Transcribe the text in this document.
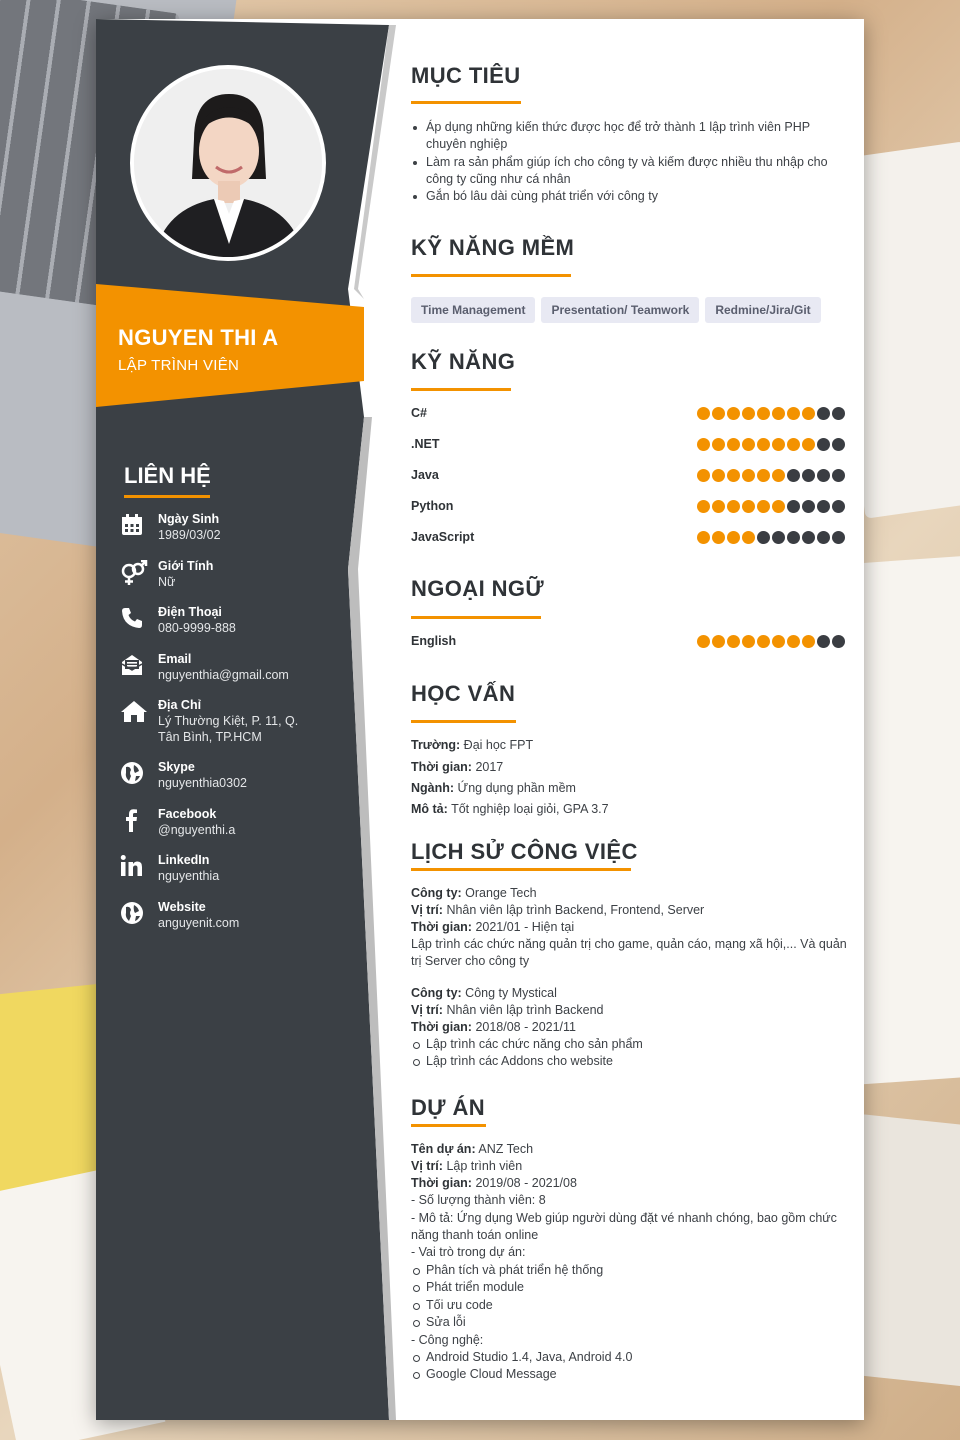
NGUYEN THI A
LẬP TRÌNH VIÊN
LIÊN HỆ
Ngày Sinh
1989/03/02
Giới Tính
Nữ
Điện Thoại
080-9999-888
Email
nguyenthia@gmail.com
Địa Chỉ
Lý Thường Kiệt, P. 11, Q. Tân Bình, TP.HCM
Skype
nguyenthia0302
Facebook
@nguyenthi.a
LinkedIn
nguyenthia
Website
anguyenit.com
MỤC TIÊU
Áp dụng những kiến thức được học để trở thành 1 lập trình viên PHP chuyên nghiệp
Làm ra sản phẩm giúp ích cho công ty và kiếm được nhiều thu nhập cho công ty cũng như cá nhân
Gắn bó lâu dài cùng phát triển với công ty
KỸ NĂNG MỀM
Time Management	Presentation/ Teamwork	Redmine/Jira/Git
KỸ NĂNG
C#
.NET
Java
Python
JavaScript
NGOẠI NGỮ
English
HỌC VẤN
Trường: Đại học FPT
Thời gian: 2017
Ngành: Ứng dụng phần mềm
Mô tả: Tốt nghiệp loại giỏi, GPA 3.7
LỊCH SỬ CÔNG VIỆC
Công ty: Orange Tech
Vị trí: Nhân viên lập trình Backend, Frontend, Server
Thời gian: 2021/01 - Hiện tại
Lập trình các chức năng quản trị cho game, quản cáo, mạng xã hội,... Và quản trị Server cho công ty
Công ty: Công ty Mystical
Vị trí: Nhân viên lập trình Backend
Thời gian: 2018/08 - 2021/11
Lập trình các chức năng cho sản phẩm
Lập trình các Addons cho website
DỰ ÁN
Tên dự án: ANZ Tech
Vị trí: Lập trình viên
Thời gian: 2019/08 - 2021/08
- Số lượng thành viên: 8
- Mô tả: Ứng dụng Web giúp người dùng đặt vé nhanh chóng, bao gồm chức năng thanh toán online
- Vai trò trong dự án:
Phân tích và phát triển hệ thống
Phát triển module
Tối ưu code
Sửa lỗi
- Công nghệ:
Android Studio 1.4, Java, Android 4.0
Google Cloud Message
